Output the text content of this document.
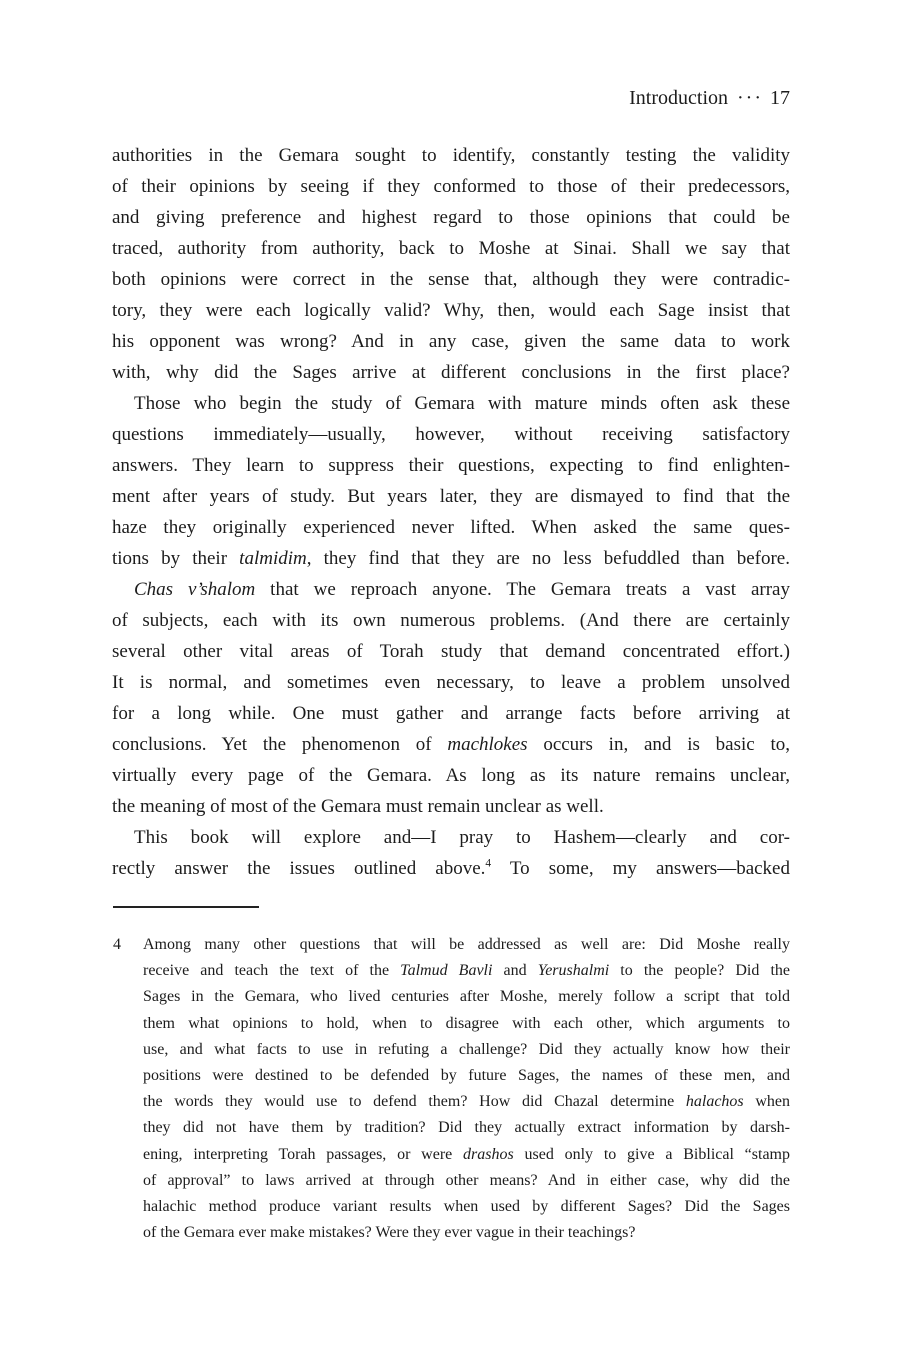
Introduction ··· 17
authorities in the Gemara sought to identify, constantly testing the validity
of their opinions by seeing if they conformed to those of their predecessors,
and giving preference and highest regard to those opinions that could be
traced, authority from authority, back to Moshe at Sinai. Shall we say that
both opinions were correct in the sense that, although they were contradic-
tory, they were each logically valid? Why, then, would each Sage insist that
his opponent was wrong? And in any case, given the same data to work
with, why did the Sages arrive at different conclusions in the first place?
Those who begin the study of Gemara with mature minds often ask these
questions immediately—usually, however, without receiving satisfactory
answers. They learn to suppress their questions, expecting to find enlighten-
ment after years of study. But years later, they are dismayed to find that the
haze they originally experienced never lifted. When asked the same ques-
tions by their talmidim, they find that they are no less befuddled than before.
Chas v’shalom that we reproach anyone. The Gemara treats a vast array
of subjects, each with its own numerous problems. (And there are certainly
several other vital areas of Torah study that demand concentrated effort.)
It is normal, and sometimes even necessary, to leave a problem unsolved
for a long while. One must gather and arrange facts before arriving at
conclusions. Yet the phenomenon of machlokes occurs in, and is basic to,
virtually every page of the Gemara. As long as its nature remains unclear,
the meaning of most of the Gemara must remain unclear as well.
This book will explore and—I pray to Hashem—clearly and cor-
rectly answer the issues outlined above.$^4$ To some, my answers—backed
4	Among many other questions that will be addressed as well are: Did Moshe really
receive and teach the text of the Talmud Bavli and Yerushalmi to the people? Did the
Sages in the Gemara, who lived centuries after Moshe, merely follow a script that told
them what opinions to hold, when to disagree with each other, which arguments to
use, and what facts to use in refuting a challenge? Did they actually know how their
positions were destined to be defended by future Sages, the names of these men, and
the words they would use to defend them? How did Chazal determine halachos when
they did not have them by tradition? Did they actually extract information by darsh-
ening, interpreting Torah passages, or were drashos used only to give a Biblical “stamp
of approval” to laws arrived at through other means? And in either case, why did the
halachic method produce variant results when used by different Sages? Did the Sages
of the Gemara ever make mistakes? Were they ever vague in their teachings?
